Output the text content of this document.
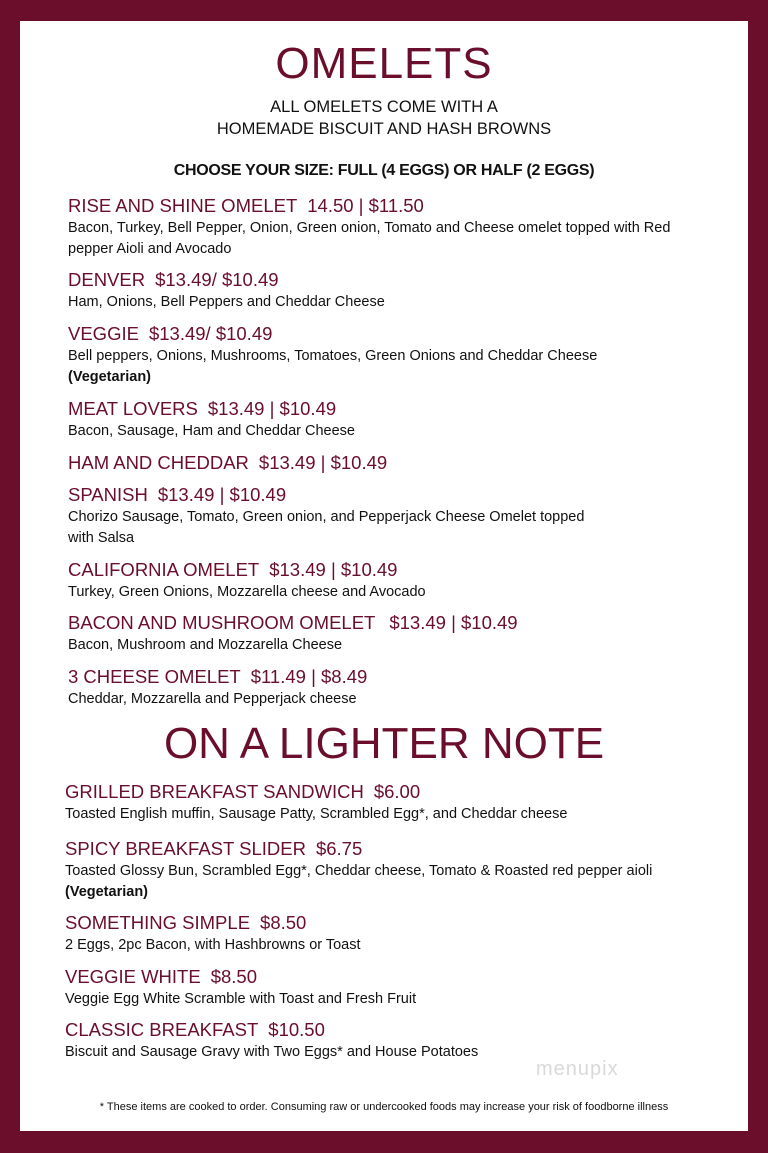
OMELETS
ALL OMELETS COME WITH A
HOMEMADE BISCUIT AND HASH BROWNS
CHOOSE YOUR SIZE: FULL (4 EGGS) OR HALF (2 EGGS)
RISE AND SHINE OMELET 14.50 | $11.50
Bacon, Turkey, Bell Pepper, Onion, Green onion, Tomato and Cheese omelet topped with Red pepper Aioli and Avocado
DENVER $13.49/ $10.49
Ham, Onions, Bell Peppers and Cheddar Cheese
VEGGIE $13.49/ $10.49
Bell peppers, Onions, Mushrooms, Tomatoes, Green Onions and Cheddar Cheese
(Vegetarian)
MEAT LOVERS $13.49 | $10.49
Bacon, Sausage, Ham and Cheddar Cheese
HAM AND CHEDDAR $13.49 | $10.49
SPANISH $13.49 | $10.49
Chorizo Sausage, Tomato, Green onion, and Pepperjack Cheese Omelet topped with Salsa
CALIFORNIA OMELET $13.49 | $10.49
Turkey, Green Onions, Mozzarella cheese and Avocado
BACON AND MUSHROOM OMELET $13.49 | $10.49
Bacon, Mushroom and Mozzarella Cheese
3 CHEESE OMELET $11.49 | $8.49
Cheddar, Mozzarella and Pepperjack cheese
ON A LIGHTER NOTE
GRILLED BREAKFAST SANDWICH $6.00
Toasted English muffin, Sausage Patty, Scrambled Egg*, and Cheddar cheese
SPICY BREAKFAST SLIDER $6.75
Toasted Glossy Bun, Scrambled Egg*, Cheddar cheese, Tomato & Roasted red pepper aioli (Vegetarian)
SOMETHING SIMPLE $8.50
2 Eggs, 2pc Bacon, with Hashbrowns or Toast
VEGGIE WHITE $8.50
Veggie Egg White Scramble with Toast and Fresh Fruit
CLASSIC BREAKFAST $10.50
Biscuit and Sausage Gravy with Two Eggs* and House Potatoes
menupix
* These items are cooked to order. Consuming raw or undercooked foods may increase your risk of foodborne illness
